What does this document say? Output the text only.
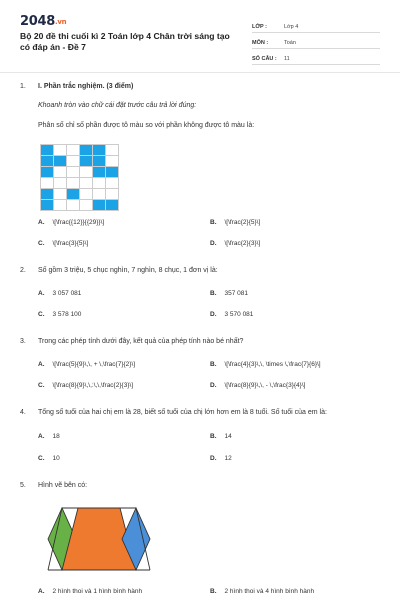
2048.vn
Bộ 20 đề thi cuối kì 2 Toán lớp 4 Chân trời sáng tạo có đáp án - Đề 7
LỚP :	Lớp 4
MÔN :	Toán
SỐ CÂU :	11
1. I. Phần trắc nghiệm. (3 điểm)
Khoanh tròn vào chữ cái đặt trước câu trả lời đúng:
Phân số chỉ số phần được tô màu so với phần không được tô màu là:

A. \[\frac{{12}}{{29}}\]	B. \[\frac{2}{5}\]
C. \[\frac{3}{5}\]	D. \[\frac{2}{3}\]
2. Số gồm 3 triệu, 5 chục nghìn, 7 nghìn, 8 chục, 1 đơn vị là:
A. 3 057 081	B. 357 081
C. 3 578 100	D. 3 570 081
3. Trong các phép tính dưới đây, kết quả của phép tính nào bé nhất?
A. \[\frac{5}{9}\,\, + \,\frac{7}{2}\]	B. \[\frac{4}{3}\,\, \times \,\frac{7}{6}\]
C. \[\frac{8}{9}\,\,:\,\,\frac{2}{3}\]	D. \[\frac{8}{9}\,\, - \,\frac{3}{4}\]
4. Tổng số tuổi của hai chị em là 28, biết số tuổi của chị lớn hơn em là 8 tuổi. Số tuổi của em là:
A. 18	B. 14
C. 10	D. 12
5. Hình vẽ bên có:
A. 2 hình thoi và 1 hình bình hành	B. 2 hình thoi và 4 hình bình hành
